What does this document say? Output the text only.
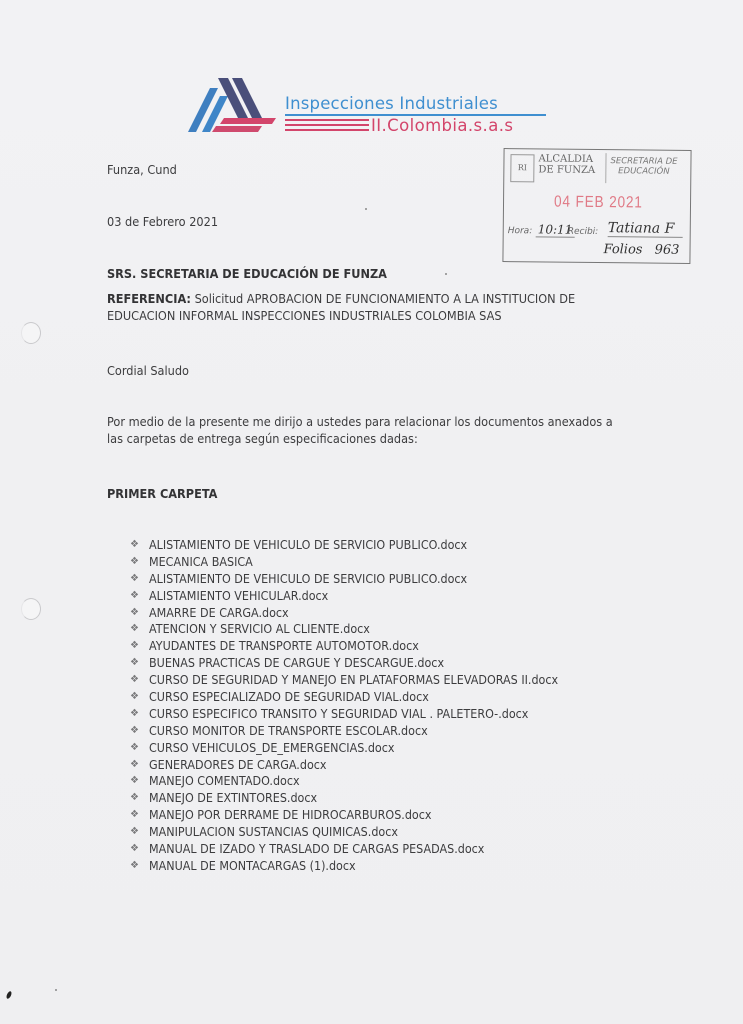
Inspecciones Industriales
II.Colombia.s.a.s
RI
ALCALDIA
DE FUNZA
SECRETARIA DE
EDUCACIÓN
04 FEB 2021
Hora: 10:11
Recibi: Tatiana F
Folios 963
Funza, Cund
03 de Febrero 2021
SRS. SECRETARIA DE EDUCACIÓN DE FUNZA
REFERENCIA: Solicitud APROBACION DE FUNCIONAMIENTO A LA INSTITUCION DE EDUCACION INFORMAL INSPECCIONES INDUSTRIALES COLOMBIA SAS
Cordial Saludo
Por medio de la presente me dirijo a ustedes para relacionar los documentos anexados a las carpetas de entrega según especificaciones dadas:
PRIMER CARPETA
❖ ALISTAMIENTO DE VEHICULO DE SERVICIO PUBLICO.docx
❖ MECANICA BASICA
❖ ALISTAMIENTO DE VEHICULO DE SERVICIO PUBLICO.docx
❖ ALISTAMIENTO VEHICULAR.docx
❖ AMARRE DE CARGA.docx
❖ ATENCION Y SERVICIO AL CLIENTE.docx
❖ AYUDANTES DE TRANSPORTE AUTOMOTOR.docx
❖ BUENAS PRACTICAS DE CARGUE Y DESCARGUE.docx
❖ CURSO DE SEGURIDAD Y MANEJO EN PLATAFORMAS ELEVADORAS II.docx
❖ CURSO ESPECIALIZADO DE SEGURIDAD VIAL.docx
❖ CURSO ESPECIFICO TRANSITO Y SEGURIDAD VIAL . PALETERO-.docx
❖ CURSO MONITOR DE TRANSPORTE ESCOLAR.docx
❖ CURSO VEHICULOS_DE_EMERGENCIAS.docx
❖ GENERADORES DE CARGA.docx
❖ MANEJO COMENTADO.docx
❖ MANEJO DE EXTINTORES.docx
❖ MANEJO POR DERRAME DE HIDROCARBUROS.docx
❖ MANIPULACION SUSTANCIAS QUIMICAS.docx
❖ MANUAL DE IZADO Y TRASLADO DE CARGAS PESADAS.docx
❖ MANUAL DE MONTACARGAS (1).docx
